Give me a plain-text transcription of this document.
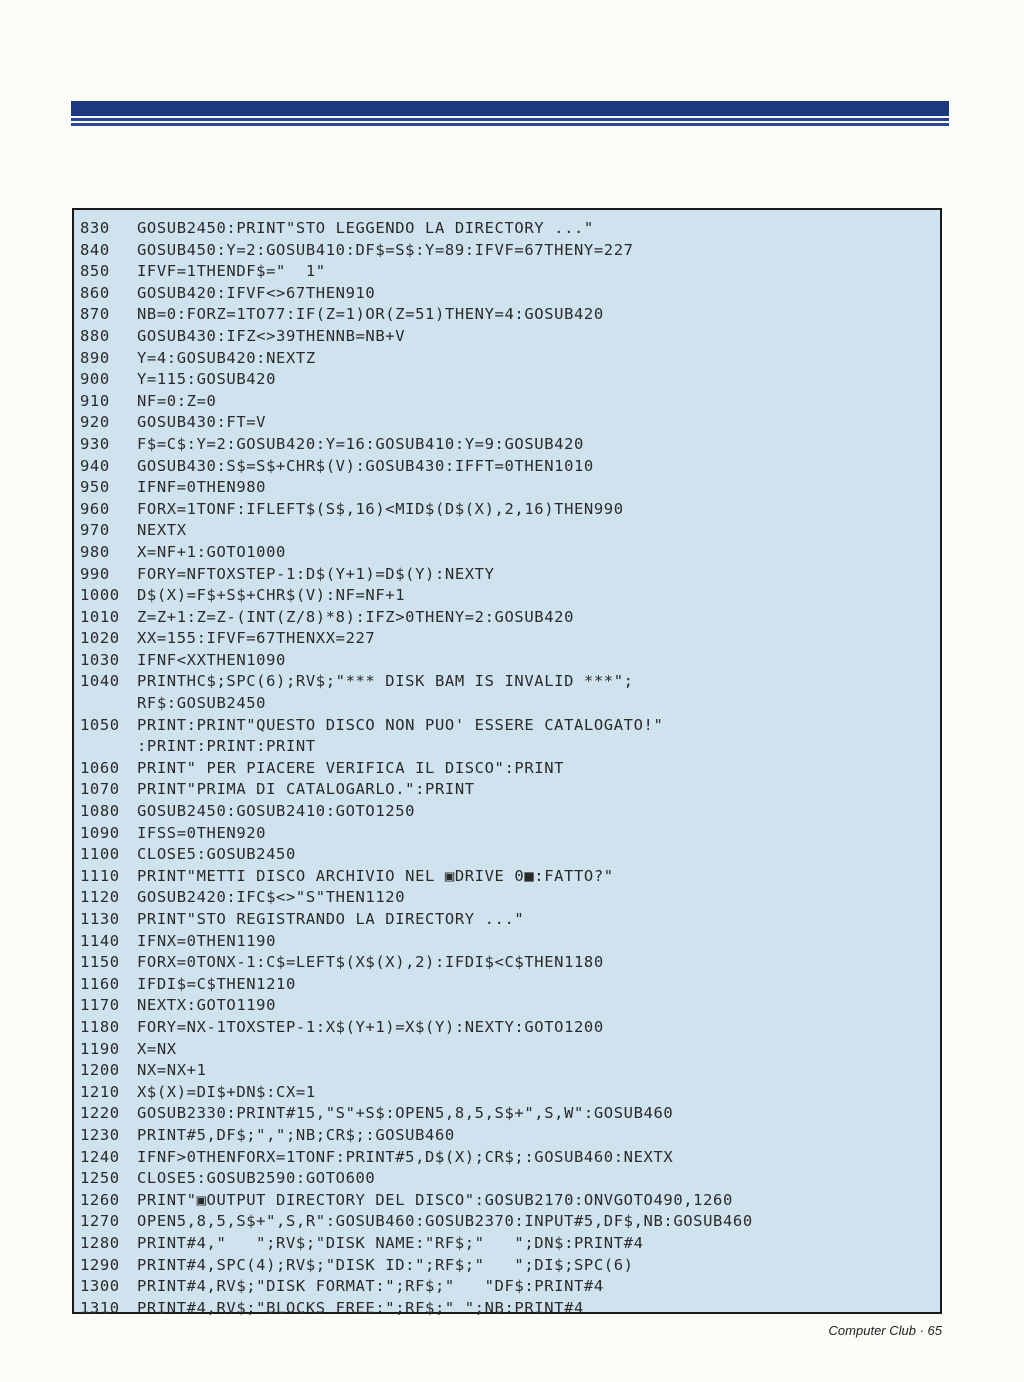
830 GOSUB2450:PRINT"STO LEGGENDO LA DIRECTORY ..."
840 GOSUB450:Y=2:GOSUB410:DF$=S$:Y=89:IFVF=67THENY=227
850 IFVF=1THENDF$="  1"
860 GOSUB420:IFVF<>67THEN910
870 NB=0:FORZ=1TO77:IF(Z=1)OR(Z=51)THENY=4:GOSUB420
880 GOSUB430:IFZ<>39THENNB=NB+V
890 Y=4:GOSUB420:NEXTZ
900 Y=115:GOSUB420
910 NF=0:Z=0
920 GOSUB430:FT=V
930 F$=C$:Y=2:GOSUB420:Y=16:GOSUB410:Y=9:GOSUB420
940 GOSUB430:S$=S$+CHR$(V):GOSUB430:IFFT=0THEN1010
950 IFNF=0THEN980
960 FORX=1TONF:IFLEFT$(S$,16)<MID$(D$(X),2,16)THEN990
970 NEXTX
980 X=NF+1:GOTO1000
990 FORY=NFTOXSTEP-1:D$(Y+1)=D$(Y):NEXTY
1000 D$(X)=F$+S$+CHR$(V):NF=NF+1
1010 Z=Z+1:Z=Z-(INT(Z/8)*8):IFZ>0THENY=2:GOSUB420
1020 XX=155:IFVF=67THENXX=227
1030 IFNF<XXTHEN1090
1040 PRINTHC$;SPC(6);RV$;"*** DISK BAM IS INVALID ***";
RF$:GOSUB2450
1050 PRINT:PRINT"QUESTO DISCO NON PUO' ESSERE CATALOGATO!"
:PRINT:PRINT:PRINT
1060 PRINT" PER PIACERE VERIFICA IL DISCO":PRINT
1070 PRINT"PRIMA DI CATALOGARLO.":PRINT
1080 GOSUB2450:GOSUB2410:GOTO1250
1090 IFSS=0THEN920
1100 CLOSE5:GOSUB2450
1110 PRINT"METTI DISCO ARCHIVIO NEL ▣DRIVE 0■:FATTO?"
1120 GOSUB2420:IFC$<>"S"THEN1120
1130 PRINT"STO REGISTRANDO LA DIRECTORY ..."
1140 IFNX=0THEN1190
1150 FORX=0TONX-1:C$=LEFT$(X$(X),2):IFDI$<C$THEN1180
1160 IFDI$=C$THEN1210
1170 NEXTX:GOTO1190
1180 FORY=NX-1TOXSTEP-1:X$(Y+1)=X$(Y):NEXTY:GOTO1200
1190 X=NX
1200 NX=NX+1
1210 X$(X)=DI$+DN$:CX=1
1220 GOSUB2330:PRINT#15,"S"+S$:OPEN5,8,5,S$+",S,W":GOSUB460
1230 PRINT#5,DF$;",";NB;CR$;:GOSUB460
1240 IFNF>0THENFORX=1TONF:PRINT#5,D$(X);CR$;:GOSUB460:NEXTX
1250 CLOSE5:GOSUB2590:GOTO600
1260 PRINT"▣OUTPUT DIRECTORY DEL DISCO":GOSUB2170:ONVGOTO490,1260
1270 OPEN5,8,5,S$+",S,R":GOSUB460:GOSUB2370:INPUT#5,DF$,NB:GOSUB460
1280 PRINT#4,"   ";RV$;"DISK NAME:"RF$;"   ";DN$:PRINT#4
1290 PRINT#4,SPC(4);RV$;"DISK ID:";RF$;"   ";DI$;SPC(6)
1300 PRINT#4,RV$;"DISK FORMAT:";RF$;"   "DF$:PRINT#4
1310 PRINT#4,RV$;"BLOCKS FREE:";RF$;" ";NB:PRINT#4
Computer Club · 65
